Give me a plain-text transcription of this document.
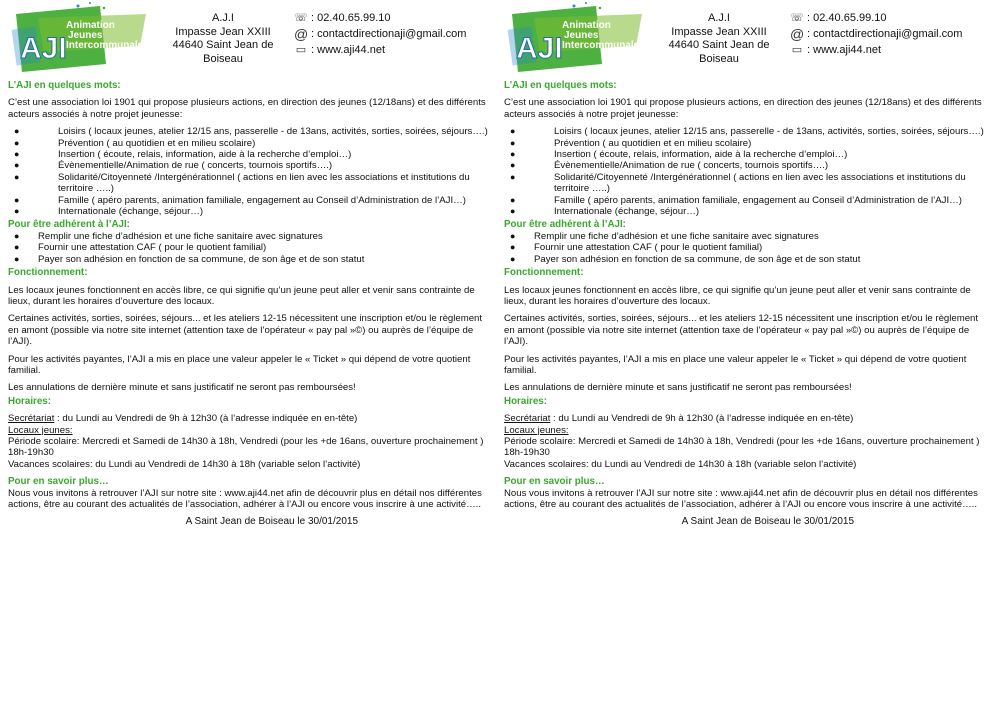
AJI
Animation
Jeunes
Intercommunale
A.J.I
Impasse Jean XXIII
44640 Saint Jean de Boiseau
☏ :
02.40.65.99.10
@ :
contactdirectionaji@gmail.com
▭ :
www.aji44.net
L’AJI en quelques mots:
C’est une association loi 1901 qui propose plusieurs actions, en direction des jeunes (12/18ans) et des différents acteurs associés à notre projet jeunesse:
●	Loisirs ( locaux jeunes, atelier 12/15 ans, passerelle - de 13ans, activités, sorties, soirées, séjours….)
●	Prévention ( au quotidien et en milieu scolaire)
●	Insertion ( écoute, relais, information, aide à la recherche d’emploi…)
●	Évènementielle/Animation de rue ( concerts, tournois sportifs….)
●	Solidarité/Citoyenneté /Intergénérationnel ( actions en lien avec les associations et institutions du territoire …..)
●	Famille ( apéro parents, animation familiale, engagement au Conseil d’Administration de l’AJI…)
●	Internationale (échange, séjour…)
Pour être adhérent à l’AJI:
● Remplir une fiche d’adhésion et une fiche sanitaire avec signatures
● Fournir une attestation CAF ( pour le quotient familial)
● Payer son adhésion en fonction de sa commune, de son âge et de son statut
Fonctionnement:
Les locaux jeunes fonctionnent en accès libre, ce qui signifie qu’un jeune peut aller et venir sans contrainte de lieux, durant les horaires d’ouverture des locaux.
Certaines activités, sorties, soirées, séjours... et les ateliers 12-15 nécessitent une inscription et/ou le règlement en amont (possible via notre site internet (attention taxe de l’opérateur « pay pal »©) ou auprès de l’équipe de l’AJI).
Pour les activités payantes, l’AJI a mis en place une valeur appeler le « Ticket » qui dépend de votre quotient familial.
Les annulations de dernière minute et sans justificatif ne seront pas remboursées!
Horaires:
Secrétariat : du Lundi au Vendredi de 9h à 12h30 (à l’adresse indiquée en en-tête)
Locaux jeunes:
Période scolaire: Mercredi et Samedi de 14h30 à 18h, Vendredi (pour les +de 16ans, ouverture prochainement ) 18h-19h30
Vacances scolaires: du Lundi au Vendredi de 14h30 à 18h (variable selon l’activité)
Pour en savoir plus…
Nous vous invitons à retrouver l’AJI sur notre site : www.aji44.net afin de découvrir plus en détail nos différentes actions, être au courant des actualités de l’association, adhérer à l’AJI ou encore vous inscrire à une activité…..
A Saint Jean de Boiseau le 30/01/2015
AJI
Animation
Jeunes
Intercommunale
A.J.I
Impasse Jean XXIII
44640 Saint Jean de Boiseau
☏ :
02.40.65.99.10
@ :
contactdirectionaji@gmail.com
▭ :
www.aji44.net
L’AJI en quelques mots:
C’est une association loi 1901 qui propose plusieurs actions, en direction des jeunes (12/18ans) et des différents acteurs associés à notre projet jeunesse:
●	Loisirs ( locaux jeunes, atelier 12/15 ans, passerelle - de 13ans, activités, sorties, soirées, séjours….)
●	Prévention ( au quotidien et en milieu scolaire)
●	Insertion ( écoute, relais, information, aide à la recherche d’emploi…)
●	Évènementielle/Animation de rue ( concerts, tournois sportifs….)
●	Solidarité/Citoyenneté /Intergénérationnel ( actions en lien avec les associations et institutions du territoire …..)
●	Famille ( apéro parents, animation familiale, engagement au Conseil d’Administration de l’AJI…)
●	Internationale (échange, séjour…)
Pour être adhérent à l’AJI:
● Remplir une fiche d’adhésion et une fiche sanitaire avec signatures
● Fournir une attestation CAF ( pour le quotient familial)
● Payer son adhésion en fonction de sa commune, de son âge et de son statut
Fonctionnement:
Les locaux jeunes fonctionnent en accès libre, ce qui signifie qu’un jeune peut aller et venir sans contrainte de lieux, durant les horaires d’ouverture des locaux.
Certaines activités, sorties, soirées, séjours... et les ateliers 12-15 nécessitent une inscription et/ou le règlement en amont (possible via notre site internet (attention taxe de l’opérateur « pay pal »©) ou auprès de l’équipe de l’AJI).
Pour les activités payantes, l’AJI a mis en place une valeur appeler le « Ticket » qui dépend de votre quotient familial.
Les annulations de dernière minute et sans justificatif ne seront pas remboursées!
Horaires:
Secrétariat : du Lundi au Vendredi de 9h à 12h30 (à l’adresse indiquée en en-tête)
Locaux jeunes:
Période scolaire: Mercredi et Samedi de 14h30 à 18h, Vendredi (pour les +de 16ans, ouverture prochainement ) 18h-19h30
Vacances scolaires: du Lundi au Vendredi de 14h30 à 18h (variable selon l’activité)
Pour en savoir plus…
Nous vous invitons à retrouver l’AJI sur notre site : www.aji44.net afin de découvrir plus en détail nos différentes actions, être au courant des actualités de l’association, adhérer à l’AJI ou encore vous inscrire à une activité…..
A Saint Jean de Boiseau le 30/01/2015
